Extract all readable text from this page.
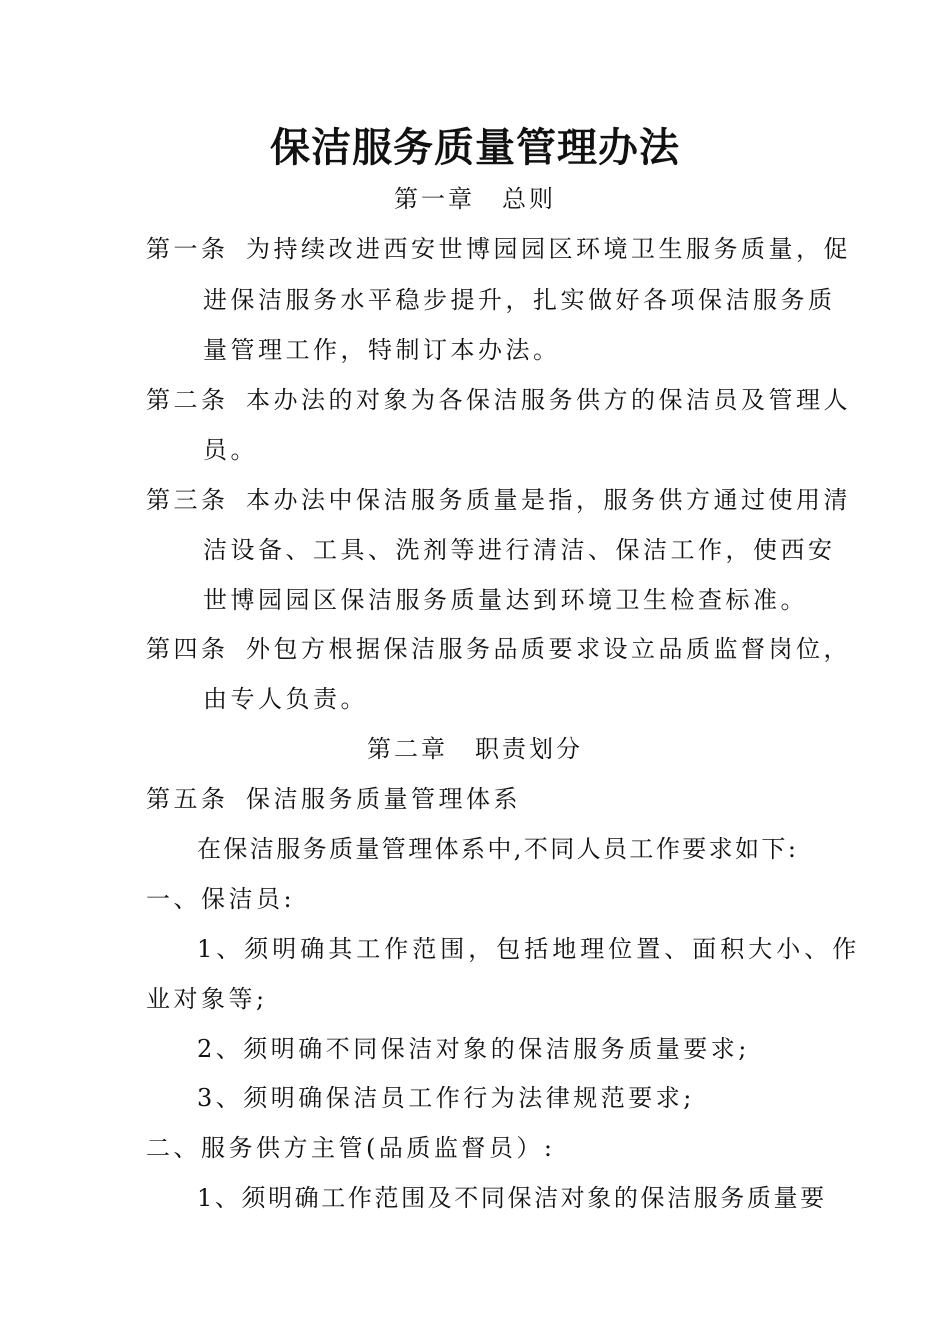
保洁服务质量管理办法
第一章　总则
第一条 为持续改进西安世博园园区环境卫生服务质量，促
进保洁服务水平稳步提升，扎实做好各项保洁服务质
量管理工作，特制订本办法。
第二条 本办法的对象为各保洁服务供方的保洁员及管理人
员。
第三条 本办法中保洁服务质量是指，服务供方通过使用清
洁设备、工具、洗剂等进行清洁、保洁工作，使西安
世博园园区保洁服务质量达到环境卫生检查标准。
第四条 外包方根据保洁服务品质要求设立品质监督岗位，
由专人负责。
第二章　职责划分
第五条 保洁服务质量管理体系
在保洁服务质量管理体系中,不同人员工作要求如下:
一、保洁员:
1、须明确其工作范围，包括地理位置、面积大小、作
业对象等;
2、须明确不同保洁对象的保洁服务质量要求;
3、须明确保洁员工作行为法律规范要求;
二、服务供方主管(品质监督员）:
1、须明确工作范围及不同保洁对象的保洁服务质量要
